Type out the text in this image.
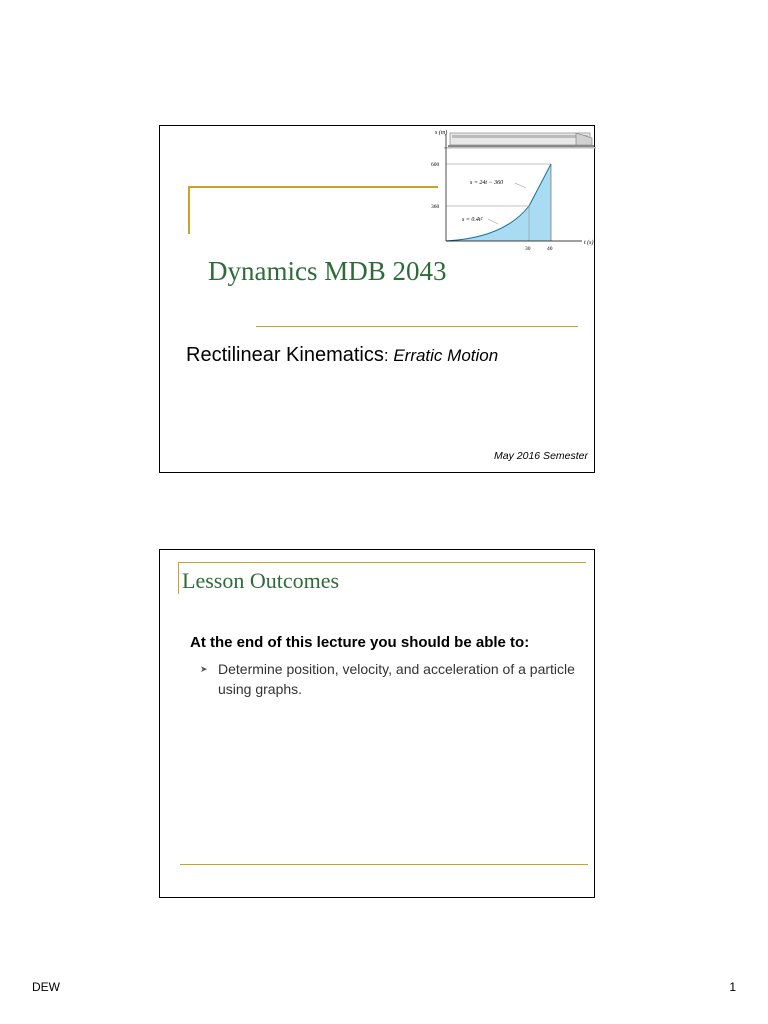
s (m)
t (s)
600
360
30	40
s = 24t − 360
s = 0.4t²
Dynamics MDB 2043
Rectilinear Kinematics: Erratic Motion
May 2016 Semester
Lesson Outcomes
At the end of this lecture you should be able to:
➤ Determine position, velocity, and acceleration of a particle using graphs.
DEW	1
